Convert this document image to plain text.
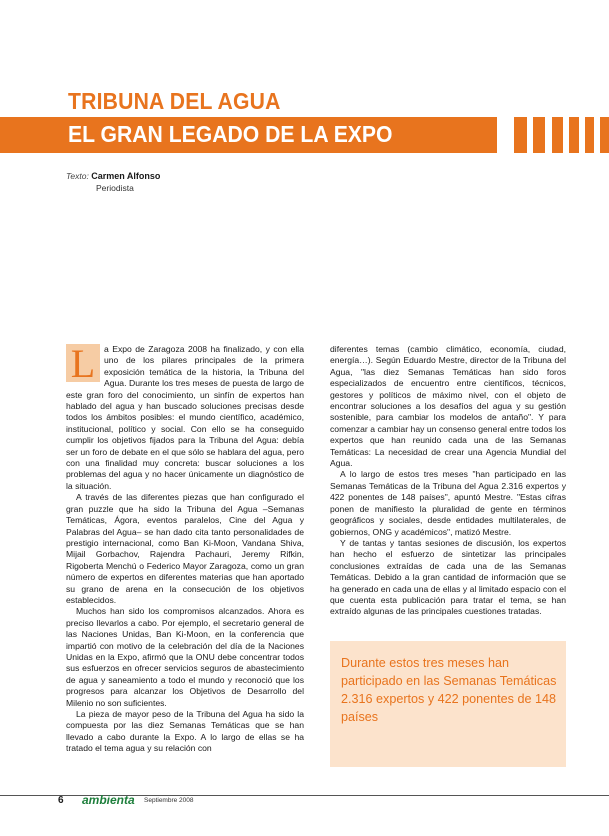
TRIBUNA DEL AGUA
EL GRAN LEGADO DE LA EXPO
Texto: Carmen Alfonso
Periodista

L	a Expo de Zaragoza 2008 ha finalizado, y con ella uno de los pilares principales de la primera exposición temática de la historia, la Tribuna del Agua. Durante los tres meses de puesta de largo de este gran foro del conocimiento, un sinfín de expertos han hablado del agua y han buscado soluciones precisas desde todos los ámbitos posibles: el mundo científico, académico, institucional, político y social. Con ello se ha conseguido cumplir los objetivos fijados para la Tribuna del Agua: debía ser un foro de debate en el que sólo se hablara del agua, pero con una finalidad muy concreta: buscar soluciones a los problemas del agua y no hacer únicamente un diagnóstico de la situación.

A través de las diferentes piezas que han configurado el gran puzzle que ha sido la Tribuna del Agua –Semanas Temáticas, Ágora, eventos paralelos, Cine del Agua y Palabras del Agua– se han dado cita tanto personalidades de prestigio internacional, como Ban Ki-Moon, Vandana Shiva, Mijail Gorbachov, Rajendra Pachauri, Jeremy Rifkin, Rigoberta Menchú o Federico Mayor Zaragoza, como un gran número de expertos en diferentes materias que han aportado su grano de arena en la consecución de los objetivos establecidos.

Muchos han sido los compromisos alcanzados. Ahora es preciso llevarlos a cabo. Por ejemplo, el secretario general de las Naciones Unidas, Ban Ki-Moon, en la conferencia que impartió con motivo de la celebración del día de la Naciones Unidas en la Expo, afirmó que la ONU debe concentrar todos sus esfuerzos en ofrecer servicios seguros de abastecimiento de agua y saneamiento a todo el mundo y reconoció que los progresos para alcanzar los Objetivos de Desarrollo del Milenio no son suficientes.

La pieza de mayor peso de la Tribuna del Agua ha sido la compuesta por las diez Semanas Temáticas que se han llevado a cabo durante la Expo. A lo largo de ellas se ha tratado el tema agua y su relación con

diferentes temas (cambio climático, economía, ciudad, energía…). Según Eduardo Mestre, director de la Tribuna del Agua, "las diez Semanas Temáticas han sido foros especializados de encuentro entre científicos, técnicos, gestores y políticos de máximo nivel, con el objeto de encontrar soluciones a los desafíos del agua y su gestión sostenible, para cambiar los modelos de antaño". Y para comenzar a cambiar hay un consenso general entre todos los expertos que han reunido cada una de las Semanas Temáticas: La necesidad de crear una Agencia Mundial del Agua.

A lo largo de estos tres meses "han participado en las Semanas Temáticas de la Tribuna del Agua 2.316 expertos y 422 ponentes de 148 países", apuntó Mestre. "Estas cifras ponen de manifiesto la pluralidad de gente en términos geográficos y sociales, desde entidades multilaterales, de gobiernos, ONG y académicos", matizó Mestre.

Y de tantas y tantas sesiones de discusión, los expertos han hecho el esfuerzo de sintetizar las principales conclusiones extraídas de cada una de las Semanas Temáticas. Debido a la gran cantidad de información que se ha generado en cada una de ellas y al limitado espacio con el que cuenta esta publicación para tratar el tema, se han extraído algunas de las principales cuestiones tratadas.

Durante estos tres meses han participado en las Semanas Temáticas 2.316 expertos y 422 ponentes de 148 países
6 ambienta Septiembre 2008
